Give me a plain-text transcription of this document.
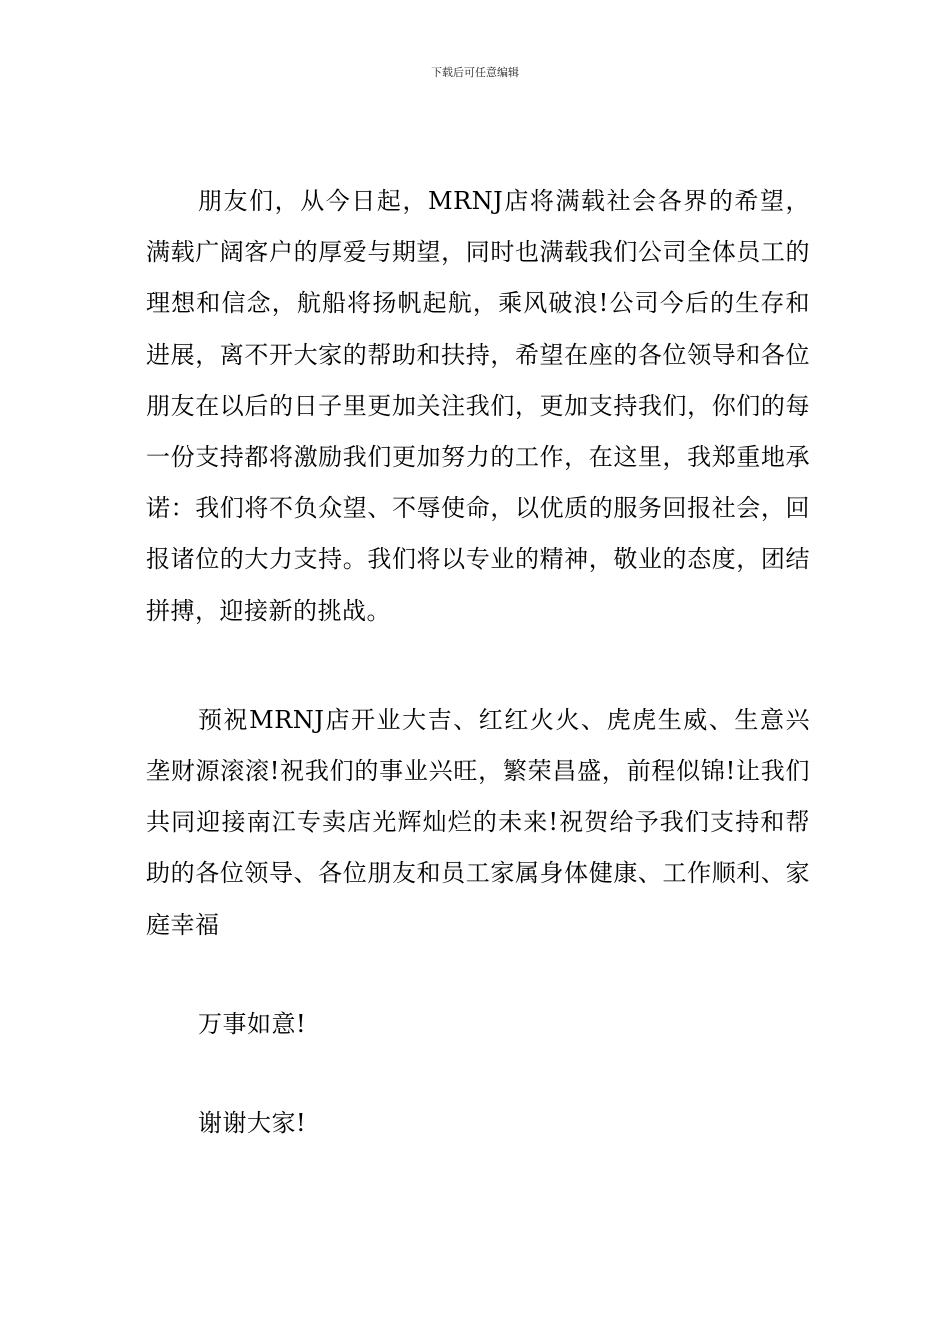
下载后可任意编辑

朋友们，从今日起，MRNJ店将满载社会各界的希望，满载广阔客户的厚爱与期望，同时也满载我们公司全体员工的理想和信念，航船将扬帆起航，乘风破浪!公司今后的生存和进展，离不开大家的帮助和扶持，希望在座的各位领导和各位朋友在以后的日子里更加关注我们，更加支持我们，你们的每一份支持都将激励我们更加努力的工作，在这里，我郑重地承诺：我们将不负众望、不辱使命，以优质的服务回报社会，回报诸位的大力支持。我们将以专业的精神，敬业的态度，团结拼搏，迎接新的挑战。

预祝MRNJ店开业大吉、红红火火、虎虎生威、生意兴垄财源滚滚!祝我们的事业兴旺，繁荣昌盛，前程似锦!让我们共同迎接南江专卖店光辉灿烂的未来!祝贺给予我们支持和帮助的各位领导、各位朋友和员工家属身体健康、工作顺利、家庭幸福

万事如意!

谢谢大家!
